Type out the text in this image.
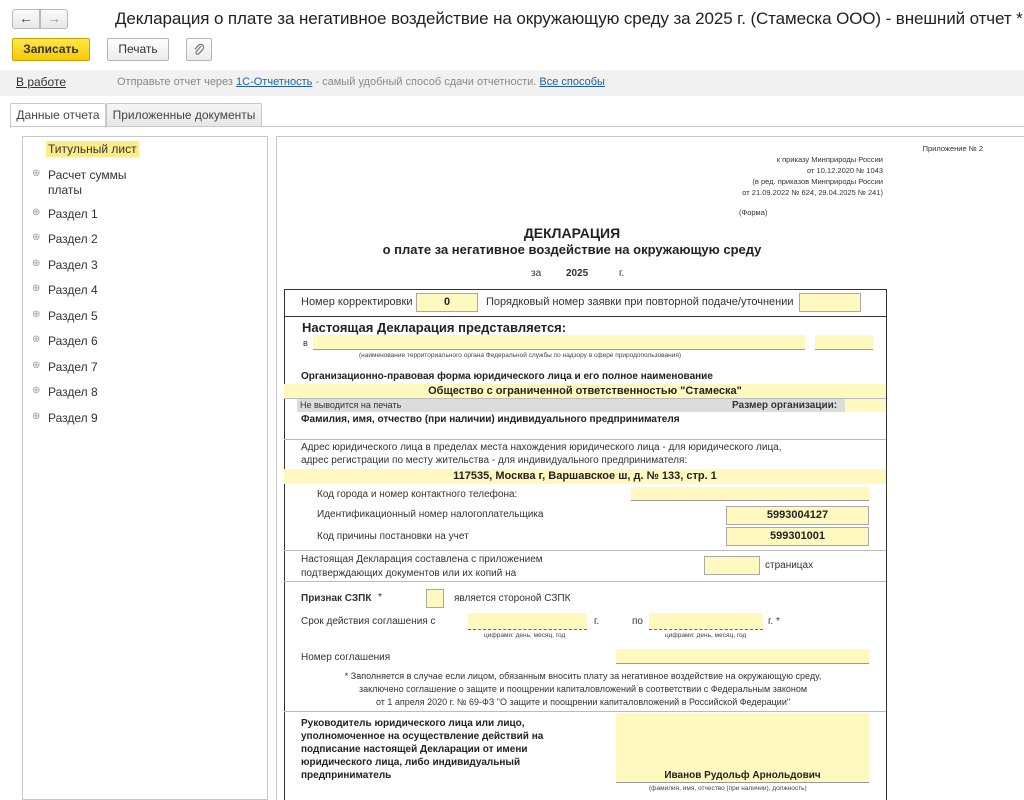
←	→	Декларация о плате за негативное воздействие на окружающую среду за 2025 г. (Стамеска ООО) - внешний отчет *
Записать	Печать
В работе	Отправьте отчет через 1С-Отчетность - самый удобный способ сдачи отчетности. Все способы
Данные отчета	Приложенные документы
Титульный лист
⊕ Расчет суммы
платы
⊕ Раздел 1
⊕ Раздел 2
⊕ Раздел 3
⊕ Раздел 4
⊕ Раздел 5
⊕ Раздел 6
⊕ Раздел 7
⊕ Раздел 8
⊕ Раздел 9
Приложение № 2
к приказу Минприроды России
от 10.12.2020 № 1043
(в ред. приказов Минприроды России
от 21.09.2022 № 624, 29.04.2025 № 241)
(Форма)
ДЕКЛАРАЦИЯ
о плате за негативное воздействие на окружающую среду
за 2025	г.
Номер корректировки	0	Порядковый номер заявки при повторной подаче/уточнении
Настоящая Декларация представляется:
в
(наименование территориального органа Федеральной службы по надзору в сфере природопользования)
Организационно-правовая форма юридического лица и его полное наименование
Общество с ограниченной ответственностью "Стамеска"
Не выводится на печать	Размер организации:
Фамилия, имя, отчество (при наличии) индивидуального предпринимателя
Адрес юридического лица в пределах места нахождения юридического лица - для юридического лица,
адрес регистрации по месту жительства - для индивидуального предпринимателя:
117535, Москва г, Варшавское ш, д. № 133, стр. 1
Код города и номер контактного телефона:
Идентификационный номер налогоплательщика	5993004127
Код причины постановки на учет	599301001
Настоящая Декларация составлена с приложением
подтверждающих документов или их копий на
страницах
Признак СЗПК *	является стороной СЗПК
Срок действия соглашения с
цифрами: день, месяц, год
г.	по
цифрами: день, месяц, год
г. *
Номер соглашения
* Заполняется в случае если лицом, обязанным вносить плату за негативное воздействие на окружающую среду,
заключено соглашение о защите и поощрении капиталовложений в соответствии с Федеральным законом
от 1 апреля 2020 г. № 69-ФЗ "О защите и поощрении капиталовложений в Российской Федерации"
Руководитель юридического лица или лицо,
уполномоченное на осуществление действий на
подписание настоящей Декларации от имени
юридического лица, либо индивидуальный
предприниматель	Иванов Рудольф Арнольдович
(фамилия, имя, отчество (при наличии), должность)
